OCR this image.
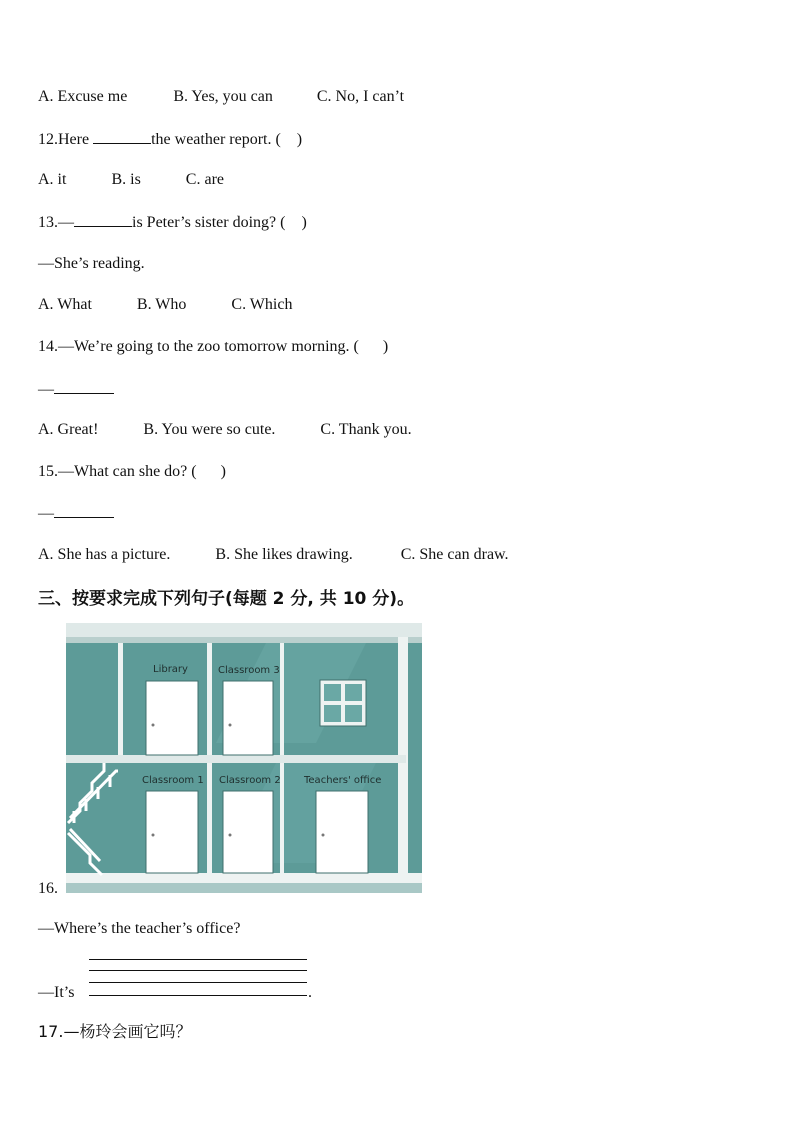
A. Excuse me	B. Yes, you can	C. No, I can’t
12.Here	the weather report. (    )
A. it	B. is	C. are
13.—	is Peter’s sister doing? (    )
—She’s reading.
A. What	B. Who	C. Which
14.—We’re going to the zoo tomorrow morning. (      )
—
A. Great!	B. You were so cute.	C. Thank you.
15.—What can she do? (      )
—
A. She has a picture.	B. She likes drawing.	C. She can draw.
三、按要求完成下列句子(每题 2 分, 共 10 分)。
Library	Classroom 3
Classroom 1 Classroom 2 Teachers' office
16.
—Where’s the teacher’s office?
—It’s	.
17.—杨玲会画它吗？
